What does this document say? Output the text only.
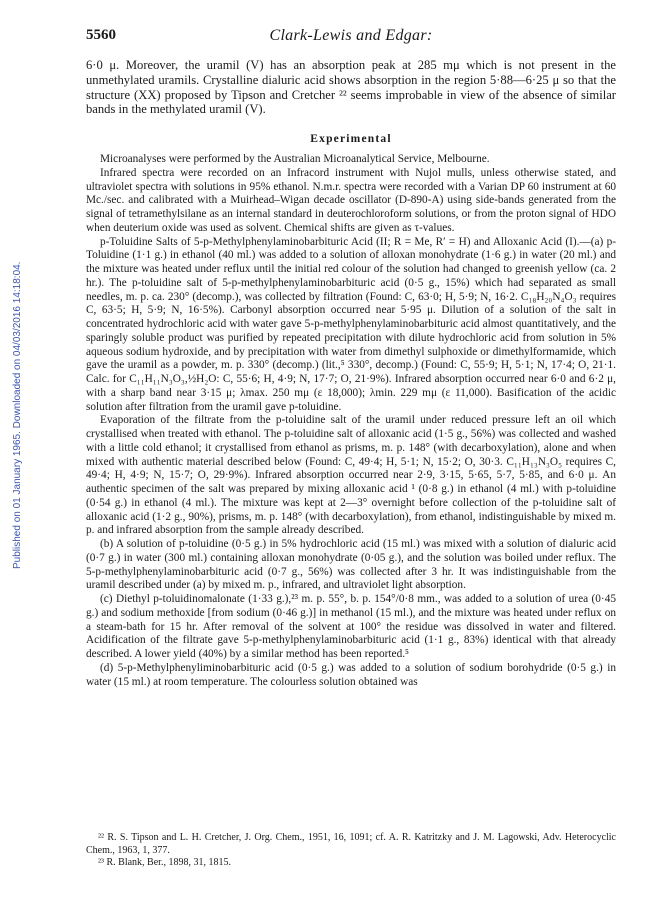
5560	Clark-Lewis and Edgar:
Published on 01 January 1965. Downloaded on 04/03/2016 14:18:04.

6·0 μ. Moreover, the uramil (V) has an absorption peak at 285 mμ which is not present in the unmethylated uramils. Crystalline dialuric acid shows absorption in the region 5·88—6·25 μ so that the structure (XX) proposed by Tipson and Cretcher ²² seems improbable in view of the absence of similar bands in the methylated uramil (V).

Experimental

Microanalyses were performed by the Australian Microanalytical Service, Melbourne.

Infrared spectra were recorded on an Infracord instrument with Nujol mulls, unless otherwise stated, and ultraviolet spectra with solutions in 95% ethanol. N.m.r. spectra were recorded with a Varian DP 60 instrument at 60 Mc./sec. and calibrated with a Muirhead–Wigan decade oscillator (D-890-A) using side-bands generated from the signal of tetramethylsilane as an internal standard in deuterochloroform solutions, or from the proton signal of HDO when deuterium oxide was used as solvent. Chemical shifts are given as τ-values.

p-Toluidine Salts of 5-p-Methylphenylaminobarbituric Acid (II; R = Me, R′ = H) and Alloxanic Acid (I).—(a) p-Toluidine (1·1 g.) in ethanol (40 ml.) was added to a solution of alloxan monohydrate (1·6 g.) in water (20 ml.) and the mixture was heated under reflux until the initial red colour of the solution had changed to greenish yellow (ca. 2 hr.). The p-toluidine salt of 5-p-methylphenylaminobarbituric acid (0·5 g., 15%) which had separated as small needles, m. p. ca. 230° (decomp.), was collected by filtration (Found: C, 63·0; H, 5·9; N, 16·2. C₁₈H₂₀N₄O₃ requires C, 63·5; H, 5·9; N, 16·5%). Carbonyl absorption occurred near 5·95 μ. Dilution of a solution of the salt in concentrated hydrochloric acid with water gave 5-p-methylphenylaminobarbituric acid almost quantitatively, and the sparingly soluble product was purified by repeated precipitation with dilute hydrochloric acid from solution in 5% aqueous sodium hydroxide, and by precipitation with water from dimethyl sulphoxide or dimethylformamide, which gave the uramil as a powder, m. p. 330° (decomp.) (lit.,⁵ 330°, decomp.) (Found: C, 55·9; H, 5·1; N, 17·4; O, 21·1. Calc. for C₁₁H₁₁N₃O₃,½H₂O: C, 55·6; H, 4·9; N, 17·7; O, 21·9%). Infrared absorption occurred near 6·0 and 6·2 μ, with a sharp band near 3·15 μ; λmax. 250 mμ (ε 18,000); λmin. 229 mμ (ε 11,000). Basification of the acidic solution after filtration from the uramil gave p-toluidine.

Evaporation of the filtrate from the p-toluidine salt of the uramil under reduced pressure left an oil which crystallised when treated with ethanol. The p-toluidine salt of alloxanic acid (1·5 g., 56%) was collected and washed with a little cold ethanol; it crystallised from ethanol as prisms, m. p. 148° (with decarboxylation), alone and when mixed with authentic material described below (Found: C, 49·4; H, 5·1; N, 15·2; O, 30·3. C₁₁H₁₃N₃O₅ requires C, 49·4; H, 4·9; N, 15·7; O, 29·9%). Infrared absorption occurred near 2·9, 3·15, 5·65, 5·7, 5·85, and 6·0 μ. An authentic specimen of the salt was prepared by mixing alloxanic acid ¹ (0·8 g.) in ethanol (4 ml.) with p-toluidine (0·54 g.) in ethanol (4 ml.). The mixture was kept at 2—3° overnight before collection of the p-toluidine salt of alloxanic acid (1·2 g., 90%), prisms, m. p. 148° (with decarboxylation), from ethanol, indistinguishable by mixed m. p. and infrared absorption from the sample already described.

(b) A solution of p-toluidine (0·5 g.) in 5% hydrochloric acid (15 ml.) was mixed with a solution of dialuric acid (0·7 g.) in water (300 ml.) containing alloxan monohydrate (0·05 g.), and the solution was boiled under reflux. The 5-p-methylphenylaminobarbituric acid (0·7 g., 56%) was collected after 3 hr. It was indistinguishable from the uramil described under (a) by mixed m. p., infrared, and ultraviolet light absorption.

(c) Diethyl p-toluidinomalonate (1·33 g.),²³ m. p. 55°, b. p. 154°/0·8 mm., was added to a solution of urea (0·45 g.) and sodium methoxide [from sodium (0·46 g.)] in methanol (15 ml.), and the mixture was heated under reflux on a steam-bath for 15 hr. After removal of the solvent at 100° the residue was dissolved in water and filtered. Acidification of the filtrate gave 5-p-methylphenylaminobarbituric acid (1·1 g., 83%) identical with that already described. A lower yield (40%) by a similar method has been reported.⁵

(d) 5-p-Methylphenyliminobarbituric acid (0·5 g.) was added to a solution of sodium borohydride (0·5 g.) in water (15 ml.) at room temperature. The colourless solution obtained was

²² R. S. Tipson and L. H. Cretcher, J. Org. Chem., 1951, 16, 1091; cf. A. R. Katritzky and J. M. Lagowski, Adv. Heterocyclic Chem., 1963, 1, 377.

²³ R. Blank, Ber., 1898, 31, 1815.
